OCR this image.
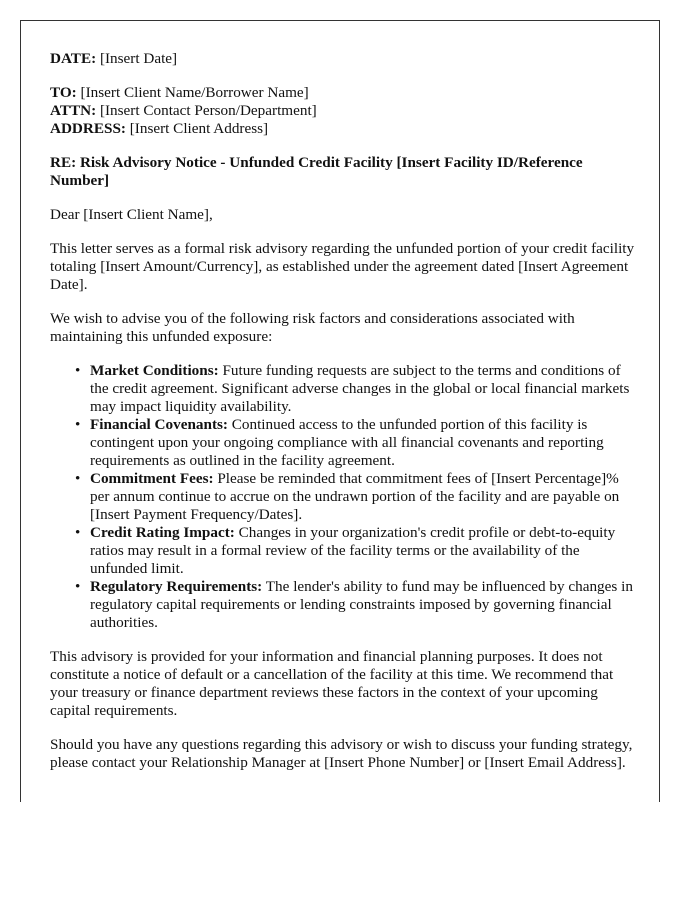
DATE: [Insert Date]

TO: [Insert Client Name/Borrower Name]

ATTN: [Insert Contact Person/Department]

ADDRESS: [Insert Client Address]

RE: Risk Advisory Notice - Unfunded Credit Facility [Insert Facility ID/Reference Number]

Dear [Insert Client Name],

This letter serves as a formal risk advisory regarding the unfunded portion of your credit facility totaling [Insert Amount/Currency], as established under the agreement dated [Insert Agreement Date].

We wish to advise you of the following risk factors and considerations associated with maintaining this unfunded exposure:

• Market Conditions: Future funding requests are subject to the terms and conditions of the credit agreement. Significant adverse changes in the global or local financial markets may impact liquidity availability.
• Financial Covenants: Continued access to the unfunded portion of this facility is contingent upon your ongoing compliance with all financial covenants and reporting requirements as outlined in the facility agreement.
• Commitment Fees: Please be reminded that commitment fees of [Insert Percentage]% per annum continue to accrue on the undrawn portion of the facility and are payable on [Insert Payment Frequency/Dates].
• Credit Rating Impact: Changes in your organization's credit profile or debt-to-equity ratios may result in a formal review of the facility terms or the availability of the unfunded limit.
• Regulatory Requirements: The lender's ability to fund may be influenced by changes in regulatory capital requirements or lending constraints imposed by governing financial authorities.

This advisory is provided for your information and financial planning purposes. It does not constitute a notice of default or a cancellation of the facility at this time. We recommend that your treasury or finance department reviews these factors in the context of your upcoming capital requirements.

Should you have any questions regarding this advisory or wish to discuss your funding strategy, please contact your Relationship Manager at [Insert Phone Number] or [Insert Email Address].
